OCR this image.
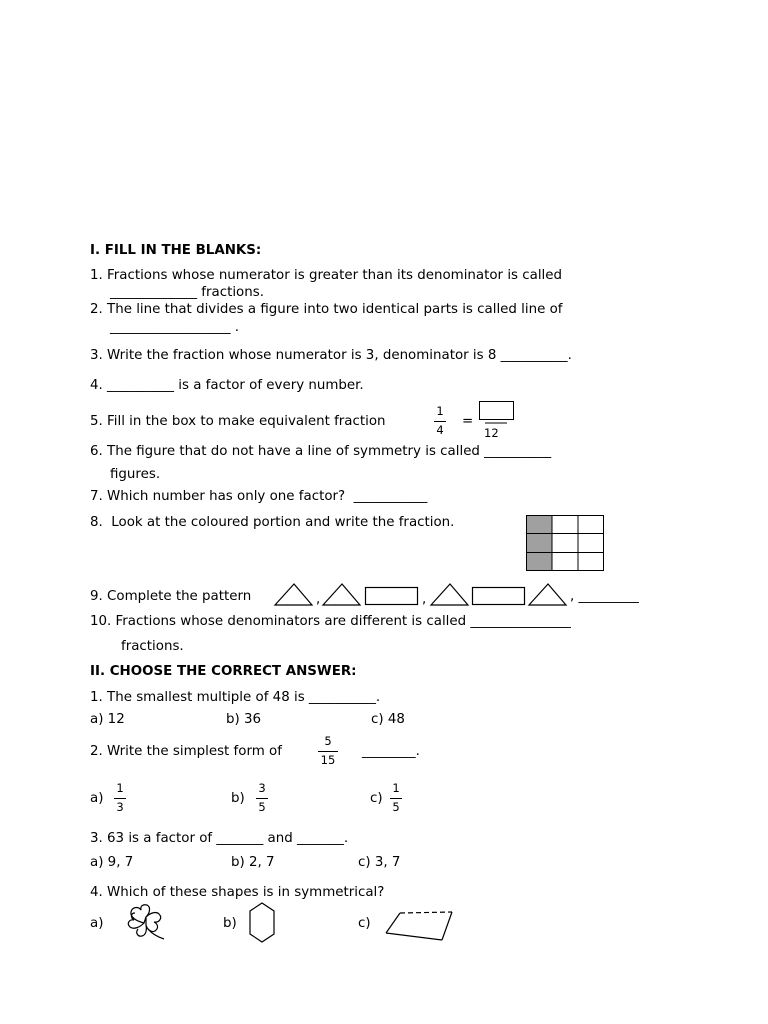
I. FILL IN THE BLANKS:
1. Fractions whose numerator is greater than its denominator is called
_____________ fractions.
2. The line that divides a figure into two identical parts is called line of
__________________ .
3. Write the fraction whose numerator is 3, denominator is 8 __________.
4. __________ is a factor of every number.
5. Fill in the box to make equivalent fraction
1
4
=
12
6. The figure that do not have a line of symmetry is called __________
figures.
7. Which number has only one factor?  ___________
8.  Look at the coloured portion and write the fraction.
9. Complete the pattern	,	,	, _________
10. Fractions whose denominators are different is called _______________
fractions.
II. CHOOSE THE CORRECT ANSWER:
1. The smallest multiple of 48 is __________.
a) 12	b) 36	c) 48
2. Write the simplest form of
5
15
________.
a)
1
3
b)
3
5
c)
1
5
3. 63 is a factor of _______ and _______.
a) 9, 7	b) 2, 7	c) 3, 7
4. Which of these shapes is in symmetrical?
a)	b)	c)
